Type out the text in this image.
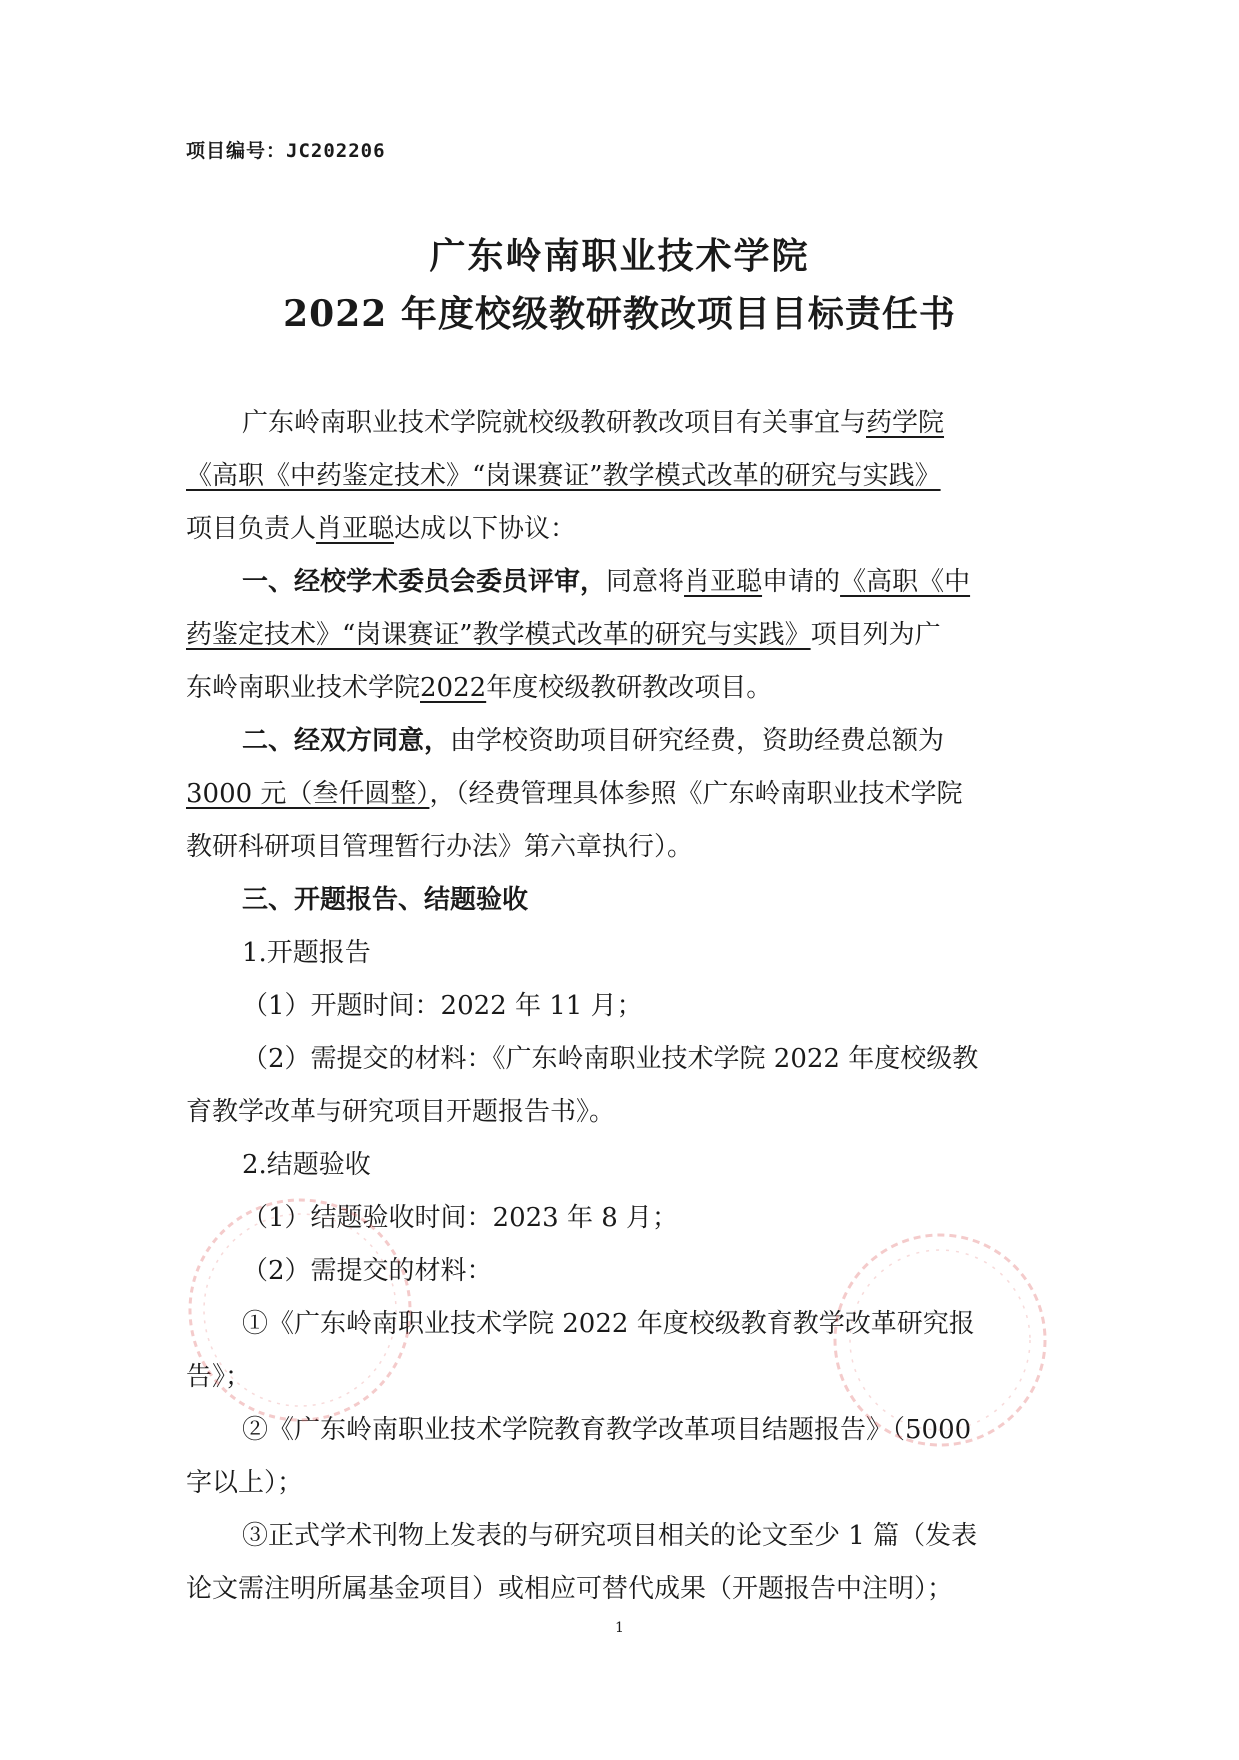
项目编号：JC202206
广东岭南职业技术学院
2022 年度校级教研教改项目目标责任书
广东岭南职业技术学院就校级教研教改项目有关事宜与药学院
《高职《中药鉴定技术》“岗课赛证”教学模式改革的研究与实践》
项目负责人肖亚聪达成以下协议：
一、经校学术委员会委员评审，同意将肖亚聪申请的《高职《中
药鉴定技术》“岗课赛证”教学模式改革的研究与实践》项目列为广
东岭南职业技术学院2022年度校级教研教改项目。
二、经双方同意，由学校资助项目研究经费，资助经费总额为
3000 元（叁仟圆整），（经费管理具体参照《广东岭南职业技术学院
教研科研项目管理暂行办法》第六章执行）。
三、开题报告、结题验收
1.开题报告
（1）开题时间：2022 年 11 月；
（2）需提交的材料：《广东岭南职业技术学院 2022 年度校级教
育教学改革与研究项目开题报告书》。
2.结题验收
（1）结题验收时间：2023 年 8 月；
（2）需提交的材料：
①《广东岭南职业技术学院 2022 年度校级教育教学改革研究报
告》；
②《广东岭南职业技术学院教育教学改革项目结题报告》（5000
字以上）；
③正式学术刊物上发表的与研究项目相关的论文至少 1 篇（发表
论文需注明所属基金项目）或相应可替代成果（开题报告中注明）；
1
